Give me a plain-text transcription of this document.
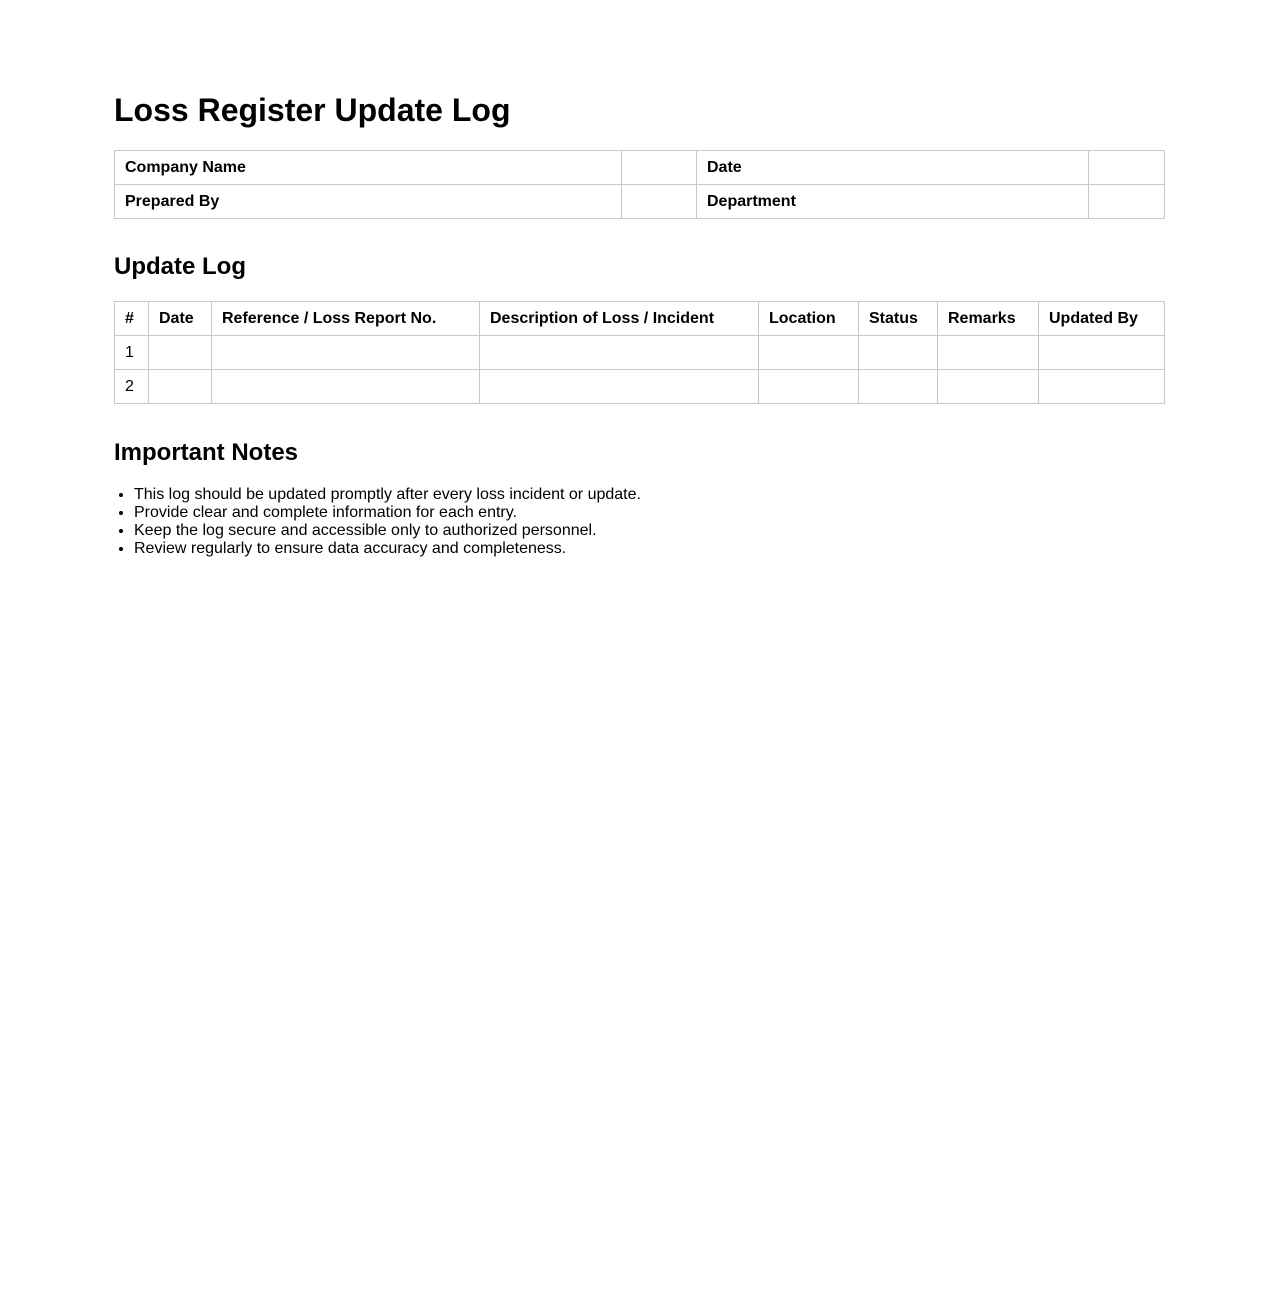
Loss Register Update Log
Company Name		Date	
Prepared By		Department	
Update Log
#	Date	Reference / Loss Report No.	Description of Loss / Incident	Location	Status	Remarks	Updated By
1							
2							
Important Notes
• This log should be updated promptly after every loss incident or update.
• Provide clear and complete information for each entry.
• Keep the log secure and accessible only to authorized personnel.
• Review regularly to ensure data accuracy and completeness.
